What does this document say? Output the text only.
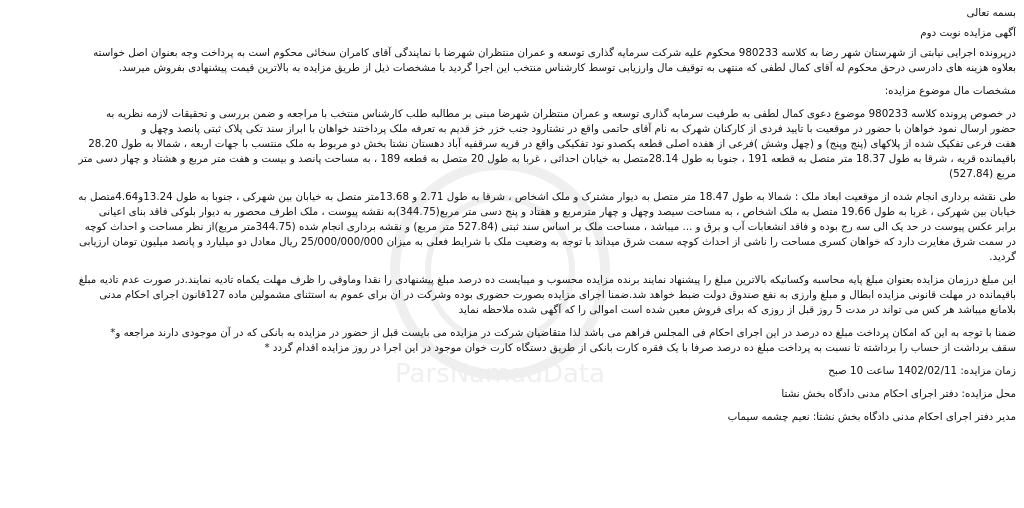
ParsNamadData
بسمه تعالی
آگهی مزایده نوبت دوم
درپرونده اجرایی نیابتی از شهرستان شهر رضا به کلاسه 980233 محکوم علیه شرکت سرمایه گذاری توسعه و عمران منتظران شهرضا با نمایندگی آقای کامران سخائی محکوم است به پرداخت وجه بعنوان اصل خواسته
بعلاوه هزینه های دادرسی درحق محکوم له آقای کمال لطفی که منتهی به توقیف مال وارزیابی توسط کارشناس منتخب این اجرا گردید با مشخصات ذیل از طریق مزایده به بالاترین قیمت پیشنهادی بفروش میرسد.
مشخصات مال موضوع مزایده:
در خصوص پرونده کلاسه 980233 موضوع دعوی کمال لطفی به طرفیت سرمایه گذاری توسعه و عمران منتظران شهرضا مبنی بر مطالبه طلب کارشناس منتخب با مراجعه و ضمن بررسی و تحقیقات لازمه نظریه به
حضور ارسال نمود خواهان با حضور در موقعیت با تایید فردی از کارکنان شهرک به نام آقای حاتمی واقع در نشتارود جنب خزر خز قدیم به تعرفه ملک پرداختند خواهان با ابراز سند تکی پلاک ثبتی پانصد وچهل و
هفت فرعی تفکیک شده از پلاکهای (پنج وپنج) و (چهل وشش )فرعی از هفده اصلی قطعه یکصدو نود تفکیکی واقع در قریه سرقفیه آباد دهستان نشتا بخش دو مربوط به ملک منتسب با جهات اربعه ، شمالا به طول 28.20
باقیمانده قریه ، شرقا به طول 18.37 متر متصل به قطعه 191 ، جنوبا به طول 28.14متصل به خیابان احداثی ، غربا به طول 20 متصل به قطعه 189 ، به مساحت پانصد و بیست و هفت متر مربع و هشتاد و چهار دسی متر
مربع (527.84)
طی نقشه برداری انجام شده از موقعیت ابعاد ملک : شمالا به طول 18.47 متر متصل به دیوار مشترک و ملک اشخاص ، شرقا به طول 2.71 و 13.68متر متصل به خیابان بین شهرکی ، جنوبا به طول 13.24و4.64متصل به
خیابان بین شهرکی ، غربا به طول 19.66 متصل به ملک اشخاص ، به مساحت سیصد وچهل و چهار مترمربع و هفتاد و پنج دسی متر مربع(344.75)به نقشه پیوست ، ملک اطرف محصور به دیوار بلوکی فاقد بنای اعیانی
برابر عکس پیوست در حد یک الی سه رج بوده و فاقد انشعابات آب و برق و ... میباشد ، مساحت ملک بر اساس سند ثبتی (527.84 متر مربع) و نقشه برداری انجام شده (344.75متر مربع)از نظر مساحت و احداث کوچه
در سمت شرق مغایرت دارد که خواهان کسری مساحت را ناشی از احداث کوچه سمت شرق میداند با توجه به وضعیت ملک با شرایط فعلی به میزان 25/000/000/000 ریال معادل دو میلیارد و پانصد میلیون تومان ارزیابی
گردید.
این مبلغ درزمان مزایده بعنوان مبلغ پایه محاسبه وکسانیکه بالاترین مبلغ را پیشنهاد نمایند برنده مزایده محسوب و میبایست ده درصد مبلغ پیشنهادی را نقدا وماوقی را ظرف مهلت یکماه تادیه نمایند.در صورت عدم تادیه مبلغ
باقیمانده در مهلت قانونی مزایده ابطال و مبلغ وارزی به نفع صندوق دولت ضبط خواهد شد.ضمنا اجرای مزایده بصورت حضوری بوده وشرکت در ان برای عموم به استثنای مشمولین ماده 127قانون اجرای احکام مدنی
بلامانع میباشد هر کس می تواند در مدت 5 روز قبل از روزی که برای فروش معین شده است اموالی را که آگهی شده ملاحظه نماید
ضمنا با توجه به این که امکان پرداخت مبلغ ده درصد در این اجرای احکام فی المجلس فراهم می باشد لذا متقاضیان شرکت در مزایده می بایست قبل از حضور در مزایده به بانکی که در آن موجودی دارند مراجعه و*
سقف برداشت از حساب را برداشته تا نسبت به پرداخت مبلغ ده درصد صرفا با یک فقره کارت بانکی از طریق دستگاه کارت خوان موجود در این اجرا در روز مزایده اقدام گردد *
زمان مزایده: 1402/02/11 ساعت 10 صبح
محل مزایده: دفتر اجرای احکام مدنی دادگاه بخش نشتا
مدیر دفتر اجرای احکام مدنی دادگاه بخش نشتا: نعیم چشمه سیماب
